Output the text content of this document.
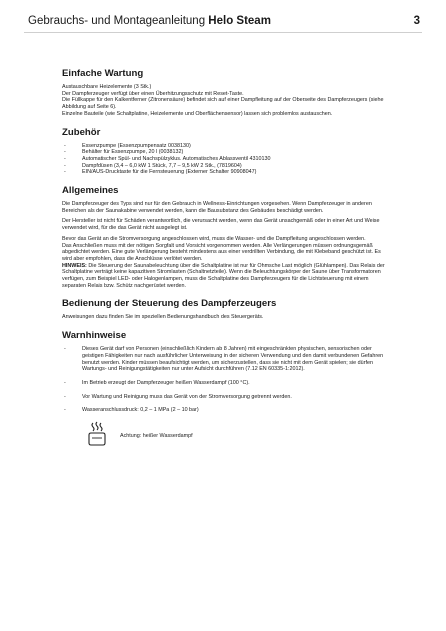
Gebrauchs- und Montageanleitung Helo Steam	3
Einfache Wartung

Austauschbare Heizelemente (3 Stk.)

Der Dampferzeuger verfügt über einen Überhitzungsschutz mit Reset-Taste.

Die Füllkappe für den Kalkentferner (Zitronensäure) befindet sich auf einer Dampfleitung auf der Oberseite des Dampferzeugers (siehe Abbildung auf Seite 6).

Einzelne Bauteile (wie Schaltplatine, Heizelemente und Oberflächensensor) lassen sich problemlos austauschen.

Zubehör
- Essenzpumpe (Essenzpumpensatz 0038130)
- Behälter für Essenzpumpe, 20 l (0038132)
- Automatischer Spül- und Nachspülzyklus. Automatisches Ablassventil 4310130
- Dampfdüsen (3,4 – 6,0 kW 1 Stück, 7,7 – 9,5 kW 2 Stk., (7819604)
- EIN/AUS-Drucktaste für die Fernsteuerung (Externer Schalter 90908047)
Allgemeines

Die Dampferzeuger des Typs sind nur für den Gebrauch in Wellness-Einrichtungen vorgesehen. Wenn Dampferzeuger in anderen Bereichen als der Saunakabine verwendet werden, kann die Bausubstanz des Gebäudes beschädigt werden.

Der Hersteller ist nicht für Schäden verantwortlich, die verursacht werden, wenn das Gerät unsachgemäß oder in einer Art und Weise verwendet wird, für die das Gerät nicht ausgelegt ist.

Bevor das Gerät an die Stromversorgung angeschlossen wird, muss die Wasser- und die Dampfleitung angeschlossen werden.

Das Anschließen muss mit der nötigen Sorgfalt und Vorsicht vorgenommen werden. Alle Verlängerungen müssen ordnungsgemäß abgedichtet werden. Eine gute Verlängerung besteht mindestens aus einer verdrillten Verbindung, die mit Klebeband geschützt ist. Es wird aber empfohlen, dass die Anschlüsse verlötet werden.

HINWEIS: Die Steuerung der Saunabeleuchtung über die Schaltplatine ist nur für Ohmsche Last möglich (Glühlampen). Das Relais der Schaltplatine verträgt keine kapazitiven Stromlasten (Schaltnetzteile). Wenn die Beleuchtungskörper der Saune über Transformatoren verfügen, zum Beispiel LED- oder Halogenlampen, muss die Schaltplatine des Dampferzeugers für die Lichtsteuerung mit einem separaten Relais bzw. Schütz nachgerüstet werden.

Bedienung der Steuerung des Dampferzeugers

Anweisungen dazu finden Sie im speziellen Bedienungshandbuch des Steuergeräts.

Warnhinweise
- Dieses Gerät darf von Personen (einschließlich Kindern ab 8 Jahren) mit eingeschränkten physischen, sensorischen oder geistigen Fähigkeiten nur nach ausführlicher Unterweisung in der sicheren Verwendung und den damit verbundenen Gefahren benutzt werden. Kinder müssen beaufsichtigt werden, um sicherzustellen, dass sie nicht mit dem Gerät spielen; sie dürfen Wartungs- und Reinigungstätigkeiten nur unter Aufsicht durchführen (7.12 EN 60335-1:2012).
- Im Betrieb erzeugt der Dampferzeuger heißen Wasserdampf (100 °C).
- Vor Wartung und Reinigung muss das Gerät von der Stromversorgung getrennt werden.
- Wasseranschlussdruck: 0,2 – 1 MPa (2 – 10 bar)
Achtung: heißer Wasserdampf
